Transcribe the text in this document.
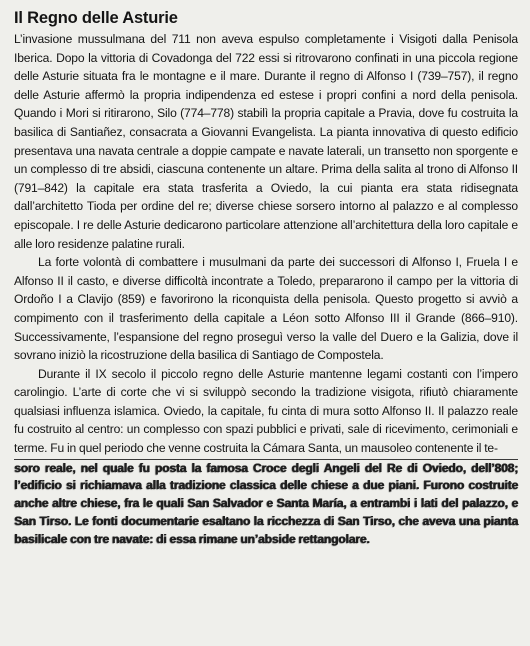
Il Regno delle Asturie

L’invasione mussulmana del 711 non aveva espulso completamente i Visigoti dalla Penisola Iberica. Dopo la vittoria di Covadonga del 722 essi si ritrovarono confinati in una piccola regione delle Asturie situata fra le montagne e il mare. Durante il regno di Alfonso I (739–757), il regno delle Asturie affermò la propria indipendenza ed estese i propri confini a nord della penisola. Quando i Mori si ritirarono, Silo (774–778) stabilì la propria capitale a Pravia, dove fu costruita la basilica di Santiañez, consacrata a Giovanni Evangelista. La pianta innovativa di questo edificio presentava una navata centrale a doppie campate e navate laterali, un transetto non sporgente e un complesso di tre absidi, ciascuna contenente un altare. Prima della salita al trono di Alfonso II (791–842) la capitale era stata trasferita a Oviedo, la cui pianta era stata ridisegnata dall’architetto Tioda per ordine del re; diverse chiese sorsero intorno al palazzo e al complesso episcopale. I re delle Asturie dedicarono particolare attenzione all’architettura della loro capitale e alle loro residenze palatine rurali.

La forte volontà di combattere i musulmani da parte dei successori di Alfonso I, Fruela I e Alfonso II il casto, e diverse difficoltà incontrate a Toledo, prepararono il campo per la vittoria di Ordoño I a Clavijo (859) e favorirono la riconquista della penisola. Questo progetto si avviò a compimento con il trasferimento della capitale a Léon sotto Alfonso III il Grande (866–910). Successivamente, l’espansione del regno proseguì verso la valle del Duero e la Galizia, dove il sovrano iniziò la ricostruzione della basilica di Santiago de Compostela.

Durante il IX secolo il piccolo regno delle Asturie mantenne legami costanti con l’impero carolingio. L’arte di corte che vi si sviluppò secondo la tradizione visigota, rifiutò chiaramente qualsiasi influenza islamica. Oviedo, la capitale, fu cinta di mura sotto Alfonso II. Il palazzo reale fu costruito al centro: un complesso con spazi pubblici e privati, sale di ricevimento, cerimoniali e terme. Fu in quel periodo che venne costruita la Cámara Santa, un mausoleo contenente il te-

soro reale, nel quale fu posta la famosa Croce degli Angeli del Re di Oviedo, dell’808; l’edificio si richiamava alla tradizione classica delle chiese a due piani. Furono costruite anche altre chiese, fra le quali San Salvador e Santa María, a entrambi i lati del palazzo, e San Tirso. Le fonti documentarie esaltano la ricchezza di San Tirso, che aveva una pianta basilicale con tre navate: di essa rimane un’abside rettangolare.
